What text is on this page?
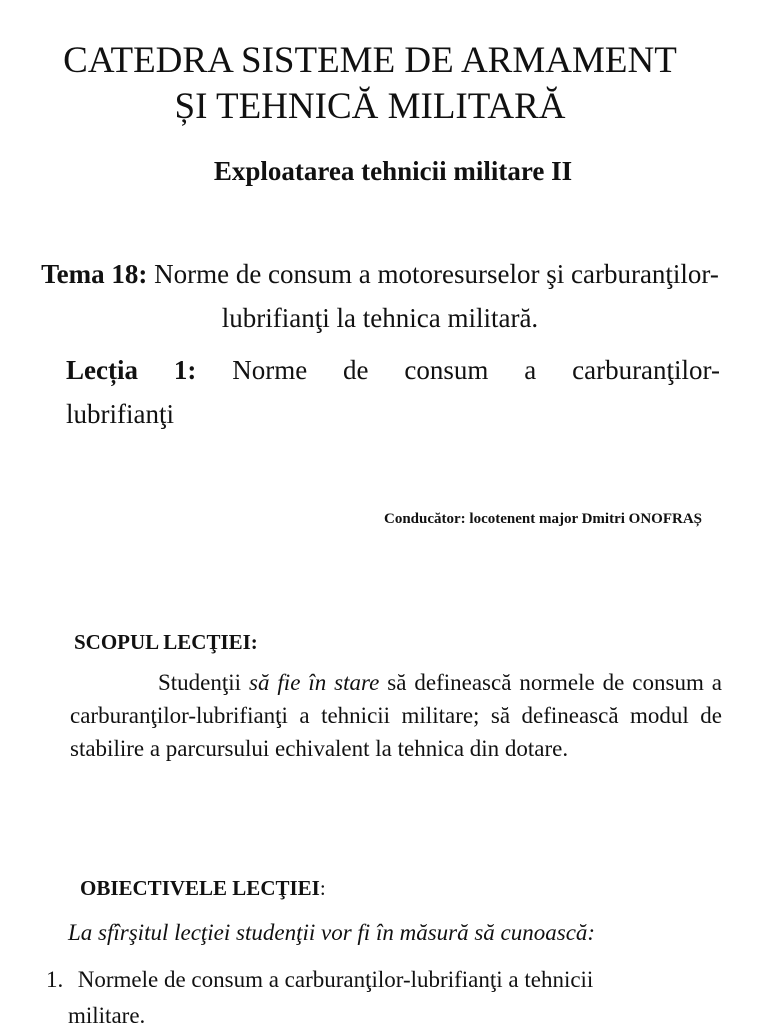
CATEDRA SISTEME DE ARMAMENT
ȘI TEHNICĂ MILITARĂ
Exploatarea tehnicii militare II
Tema 18: Norme de consum a motoresurselor şi carburanţilor-lubrifianţi la tehnica militară.
Lecția 1: Norme de consum a carburanţilor-
lubrifianţi
Conducător: locotenent major Dmitri ONOFRAȘ
SCOPUL LECŢIEI:
Studenţii să fie în stare să definească normele de consum a carburanţilor-lubrifianţi a tehnicii militare; să definească modul de stabilire a parcursului echivalent la tehnica din dotare.
OBIECTIVELE LECŢIEI:
La sfîrşitul lecţiei studenţii vor fi în măsură să cunoască:
1. Normele de consum a carburanţilor-lubrifianţi a tehnicii
militare.
